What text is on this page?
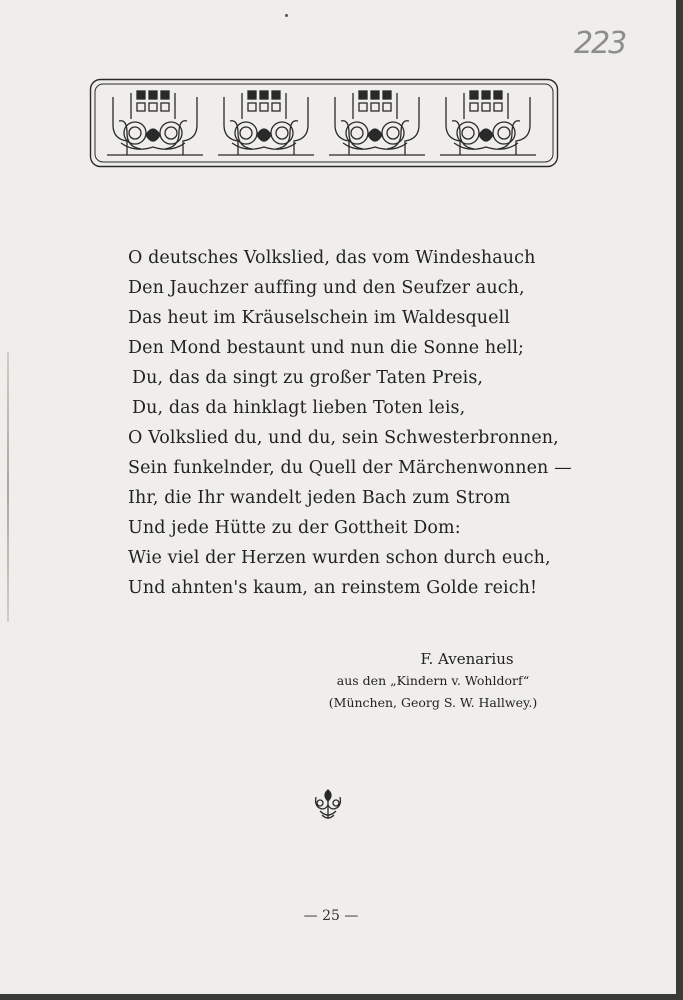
223
O deutsches Volkslied, das vom Windeshauch
Den Jauchzer auffing und den Seufzer auch,
Das heut im Kräuselschein im Waldesquell
Den Mond bestaunt und nun die Sonne hell;
Du, das da singt zu großer Taten Preis,
Du, das da hinklagt lieben Toten leis,
O Volkslied du, und du, sein Schwesterbronnen,
Sein funkelnder, du Quell der Märchenwonnen —
Ihr, die Ihr wandelt jeden Bach zum Strom
Und jede Hütte zu der Gottheit Dom:
Wie viel der Herzen wurden schon durch euch,
Und ahnten's kaum, an reinstem Golde reich!
F. Avenarius
aus den „Kindern v. Wohldorf“
(München, Georg S. W. Hallwey.)
— 25 —
